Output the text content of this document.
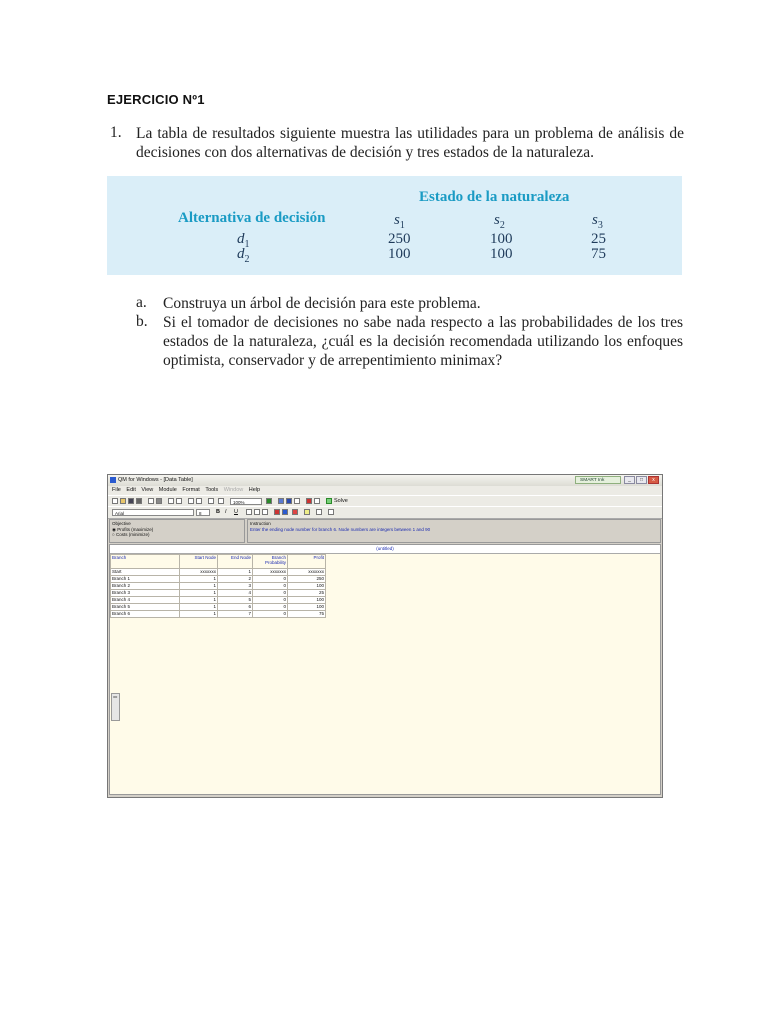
EJERCICIO Nº1
1. La tabla de resultados siguiente muestra las utilidades para un problema de análisis de decisiones con dos alternativas de decisión y tres estados de la naturaleza.
Estado de la naturaleza
Alternativa de decisión	$s_1$	$s_2$	$s_3$
$d_1$	250	100	25
$d_2$	100	100	75
a. Construya un árbol de decisión para este problema.
b. Si el tomador de decisiones no sabe nada respecto a las probabilidades de los tres estados de la naturaleza, ¿cuál es la decisión recomendada utilizando los enfoques optimista, conservador y de arrepentimiento minimax?
QM for Windows - [Data Table]	SMART Ink	_	□	x
File Edit View Module Format Tools Window Help
100%	Solve
Arial	8	B I U
Objective
◉ Profits (maximize)
○ Costs (minimize)
Instruction
Enter the ending node number for branch 6. Node numbers are integers between 1 and 90
(untitled)
Branch	Start Node	End Node	Branch Probability	Profit
Start	xxxxxxx	1	xxxxxxx	xxxxxxx
Branch 1	1	2	0	250
Branch 2	1	3	0	100
Branch 3	1	4	0	25
Branch 4	1	5	0	100
Branch 5	1	6	0	100
Branch 6	1	7	0	75
▸▸
